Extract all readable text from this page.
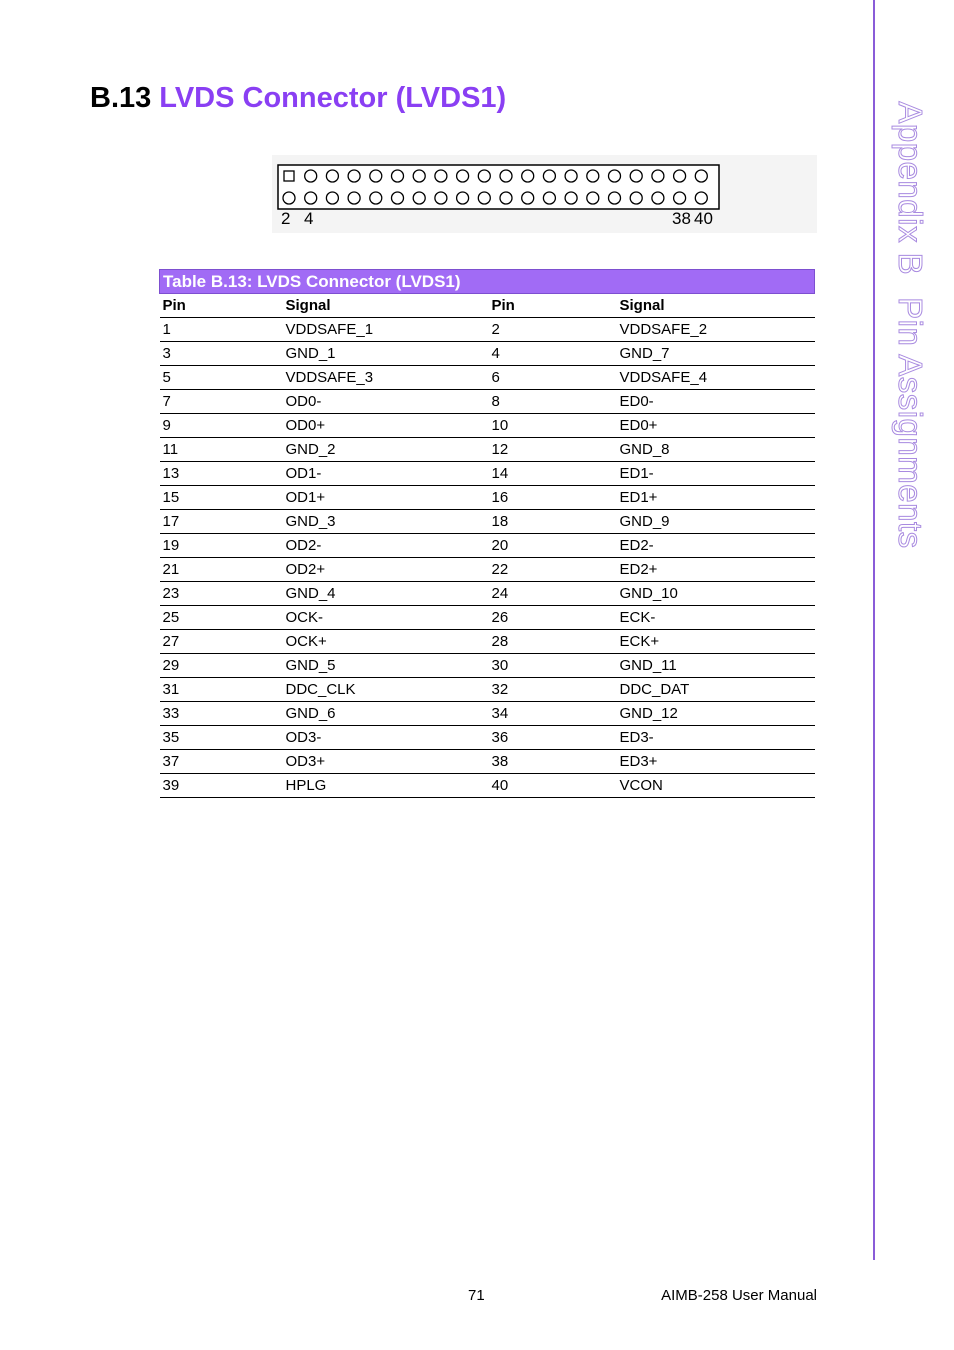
Appendix BPin Assignments
B.13 LVDS Connector (LVDS1)
2 4	38 40
Table B.13: LVDS Connector (LVDS1)			
Pin	Signal	Pin	Signal
1	VDDSAFE_1	2	VDDSAFE_2
3	GND_1	4	GND_7
5	VDDSAFE_3	6	VDDSAFE_4
7	OD0-	8	ED0-
9	OD0+	10	ED0+
11	GND_2	12	GND_8
13	OD1-	14	ED1-
15	OD1+	16	ED1+
17	GND_3	18	GND_9
19	OD2-	20	ED2-
21	OD2+	22	ED2+
23	GND_4	24	GND_10
25	OCK-	26	ECK-
27	OCK+	28	ECK+
29	GND_5	30	GND_11
31	DDC_CLK	32	DDC_DAT
33	GND_6	34	GND_12
35	OD3-	36	ED3-
37	OD3+	38	ED3+
39	HPLG	40	VCON
71	AIMB-258 User Manual
